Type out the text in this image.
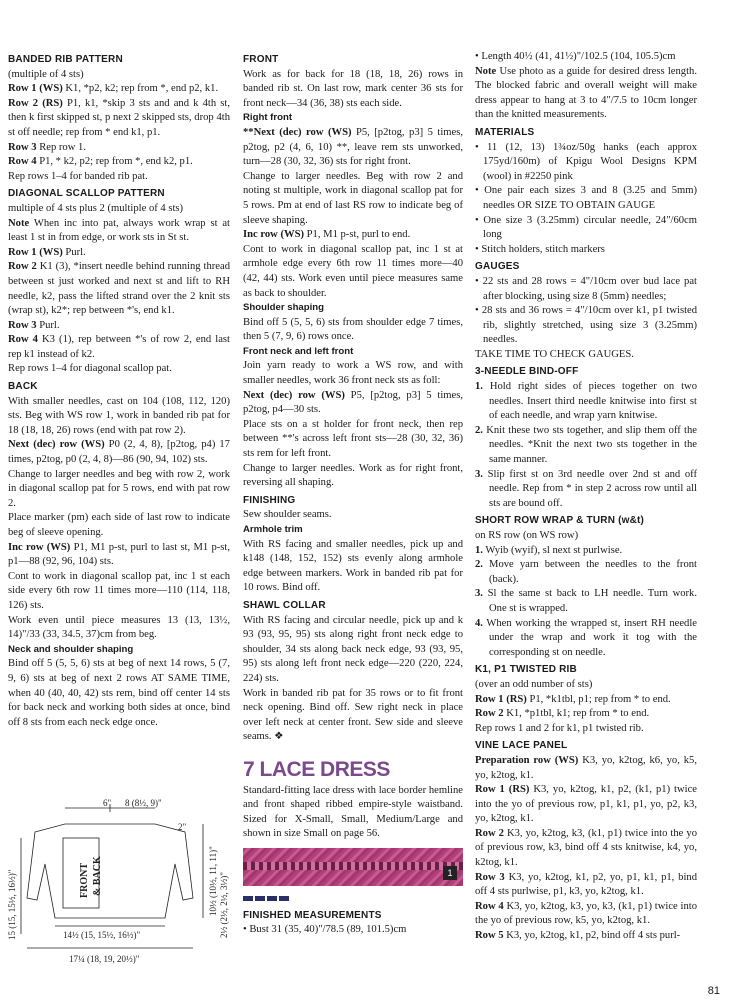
BANDED RIB PATTERN

(multiple of 4 sts)

Row 1 (WS) K1, *p2, k2; rep from *, end p2, k1.

Row 2 (RS) P1, k1, *skip 3 sts and and k 4th st, then k first skipped st, p next 2 skipped sts, drop 4th st off needle; rep from * end k1, p1.

Row 3 Rep row 1.

Row 4 P1, * k2, p2; rep from *, end k2, p1.

Rep rows 1–4 for banded rib pat.

DIAGONAL SCALLOP PATTERN

multiple of 4 sts plus 2 (multiple of 4 sts)

Note When inc into pat, always work wrap st at least 1 st in from edge, or work sts in St st.

Row 1 (WS) Purl.

Row 2 K1 (3), *insert needle behind running thread between st just worked and next st and lift to RH needle, k2, pass the lifted strand over the 2 knit sts (wrap st), k2*; rep between *'s, end k1.

Row 3 Purl.

Row 4 K3 (1), rep between *'s of row 2, end last rep k1 instead of k2.

Rep rows 1–4 for diagonal scallop pat.

BACK

With smaller needles, cast on 104 (108, 112, 120) sts. Beg with WS row 1, work in banded rib pat for 18 (18, 18, 26) rows (end with pat row 2).

Next (dec) row (WS) P0 (2, 4, 8), [p2tog, p4) 17 times, p2tog, p0 (2, 4, 8)—86 (90, 94, 102) sts.

Change to larger needles and beg with row 2, work in diagonal scallop pat for 5 rows, end with pat row 2.

Place marker (pm) each side of last row to indicate beg of sleeve opening.

Inc row (WS) P1, M1 p-st, purl to last st, M1 p-st, p1—88 (92, 96, 104) sts.

Cont to work in diagonal scallop pat, inc 1 st each side every 6th row 11 times more—110 (114, 118, 126) sts.

Work even until piece measures 13 (13, 13½, 14)"/33 (33, 34.5, 37)cm from beg.

Neck and shoulder shaping

Bind off 5 (5, 5, 6) sts at beg of next 14 rows, 5 (7, 9, 6) sts at beg of next 2 rows AT SAME TIME, when 40 (40, 40, 42) sts rem, bind off center 14 sts for back neck and working both sides at once, bind off 8 sts from each neck edge once.

6" 8 (8½, 9)"
2"
10½ (10½, 11, 11)" 2½ (2½, 2½, 3½)"
15 (15, 15½, 16½)"	14½ (15, 15½, 16½)"
17¼ (18, 19, 20½)"
FRONT & BACK
FRONT

Work as for back for 18 (18, 18, 26) rows in banded rib st. On last row, mark center 36 sts for front neck—34 (36, 38) sts each side.

Right front

**Next (dec) row (WS) P5, [p2tog, p3] 5 times, p2tog, p2 (4, 6, 10) **, leave rem sts unworked, turn—28 (30, 32, 36) sts for right front.

Change to larger needles. Beg with row 2 and noting st multiple, work in diagonal scallop pat for 5 rows. Pm at end of last RS row to indicate beg of sleeve shaping.

Inc row (WS) P1, M1 p-st, purl to end.

Cont to work in diagonal scallop pat, inc 1 st at armhole edge every 6th row 11 times more—40 (42, 44) sts. Work even until piece measures same as back to shoulder.

Shoulder shaping

Bind off 5 (5, 5, 6) sts from shoulder edge 7 times, then 5 (7, 9, 6) rows once.

Front neck and left front

Join yarn ready to work a WS row, and with smaller needles, work 36 front neck sts as foll:

Next (dec) row (WS) P5, [p2tog, p3] 5 times, p2tog, p4—30 sts.

Place sts on a st holder for front neck, then rep between **'s across left front sts—28 (30, 32, 36) sts rem for left front.

Change to larger needles. Work as for right front, reversing all shaping.

FINISHING

Sew shoulder seams.

Armhole trim

With RS facing and smaller needles, pick up and k148 (148, 152, 152) sts evenly along armhole edge between markers. Work in banded rib pat for 10 rows. Bind off.

SHAWL COLLAR

With RS facing and circular needle, pick up and k 93 (93, 95, 95) sts along right front neck edge to shoulder, 34 sts along back neck edge, 93 (93, 95, 95) sts along left front neck edge—220 (220, 224, 224) sts.

Work in banded rib pat for 35 rows or to fit front neck opening. Bind off. Sew right neck in place over left neck at center front. Sew side and sleeve seams. ❖

7 LACE DRESS

Standard-fitting lace dress with lace border hemline and front shaped ribbed empire-style waistband. Sized for X-Small, Small, Medium/Large and shown in size Small on page 56.

1
FINISHED MEASUREMENTS
• Bust 31 (35, 40)"/78.5 (89, 101.5)cm
• Length 40½ (41, 41½)"/102.5 (104, 105.5)cm

Note Use photo as a guide for desired dress length. The blocked fabric and overall weight will make dress appear to hang at 3 to 4"/7.5 to 10cm longer than the knitted measurements.

MATERIALS
• 11 (12, 13) 1¾oz/50g hanks (each approx 175yd/160m) of Kpigu Wool Designs KPM (wool) in #2250 pink
• One pair each sizes 3 and 8 (3.25 and 5mm) needles OR SIZE TO OBTAIN GAUGE
• One size 3 (3.25mm) circular needle, 24"/60cm long
• Stitch holders, stitch markers
GAUGES
• 22 sts and 28 rows = 4"/10cm over bud lace pat after blocking, using size 8 (5mm) needles;
• 28 sts and 36 rows = 4"/10cm over k1, p1 twisted rib, slightly stretched, using size 3 (3.25mm) needles.

TAKE TIME TO CHECK GAUGES.

3-NEEDLE BIND-OFF
1. Hold right sides of pieces together on two needles. Insert third needle knitwise into first st of each needle, and wrap yarn knitwise.
2. Knit these two sts together, and slip them off the needles. *Knit the next two sts together in the same manner.
3. Slip first st on 3rd needle over 2nd st and off needle. Rep from * in step 2 across row until all sts are bound off.
SHORT ROW WRAP & TURN (w&t)

on RS row (on WS row)

1. Wyib (wyif), sl next st purlwise.
2. Move yarn between the needles to the front (back).
3. Sl the same st back to LH needle. Turn work. One st is wrapped.
4. When working the wrapped st, insert RH needle under the wrap and work it tog with the corresponding st on needle.
K1, P1 TWISTED RIB

(over an odd number of sts)

Row 1 (RS) P1, *k1tbl, p1; rep from * to end.

Row 2 K1, *p1tbl, k1; rep from * to end.

Rep rows 1 and 2 for k1, p1 twisted rib.

VINE LACE PANEL

Preparation row (WS) K3, yo, k2tog, k6, yo, k5, yo, k2tog, k1.

Row 1 (RS) K3, yo, k2tog, k1, p2, (k1, p1) twice into the yo of previous row, p1, k1, p1, yo, p2, k3, yo, k2tog, k1.

Row 2 K3, yo, k2tog, k3, (k1, p1) twice into the yo of previous row, k3, bind off 4 sts knitwise, k4, yo, k2tog, k1.

Row 3 K3, yo, k2tog, k1, p2, yo, p1, k1, p1, bind off 4 sts purlwise, p1, k3, yo, k2tog, k1.

Row 4 K3, yo, k2tog, k3, yo, k3, (k1, p1) twice into the yo of previous row, k5, yo, k2tog, k1.

Row 5 K3, yo, k2tog, k1, p2, bind off 4 sts purl-

81
